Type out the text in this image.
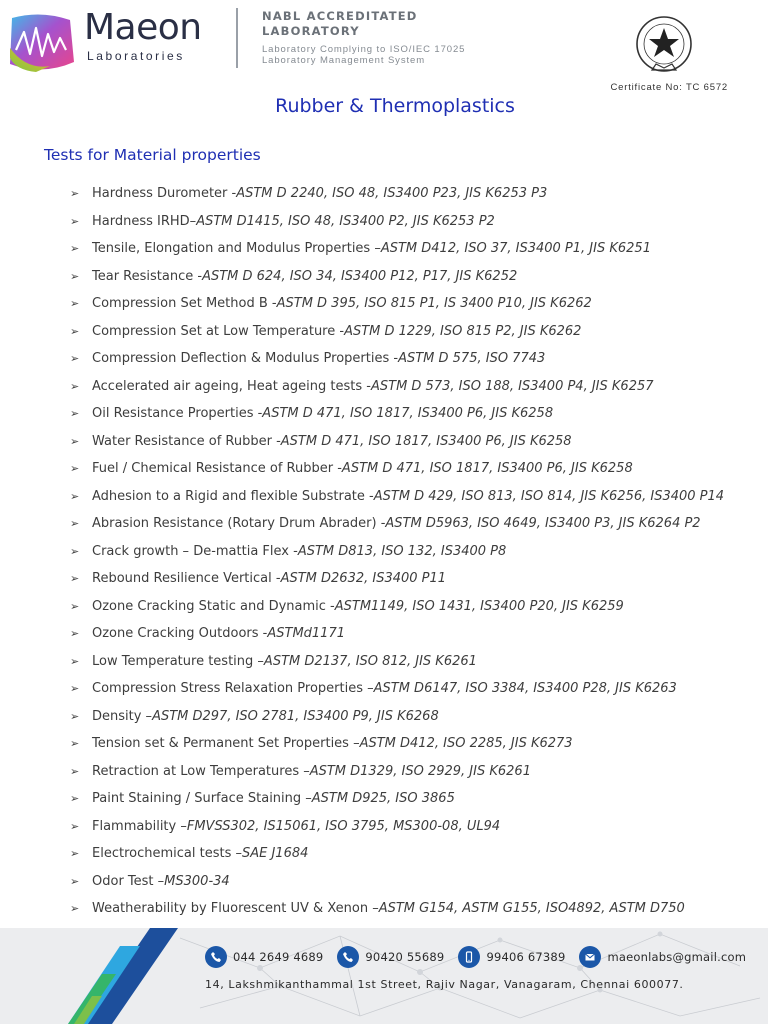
Maeon
Laboratories
NABL ACCREDITATED LABORATORY
Laboratory Complying to ISO/IEC 17025 Laboratory Management System
Certificate No: TC 6572
Rubber & Thermoplastics
Tests for Material properties
➢ Hardness Durometer - ASTM D 2240, ISO 48, IS3400 P23, JIS K6253 P3
➢ Hardness IRHD– ASTM D1415, ISO 48, IS3400 P2, JIS K6253 P2
➢ Tensile, Elongation and Modulus Properties – ASTM D412, ISO 37, IS3400 P1, JIS K6251
➢ Tear Resistance - ASTM D 624, ISO 34, IS3400 P12, P17, JIS K6252
➢ Compression Set Method B - ASTM D 395, ISO 815 P1, IS 3400 P10, JIS K6262
➢ Compression Set at Low Temperature - ASTM D 1229, ISO 815 P2, JIS K6262
➢ Compression Deflection & Modulus Properties - ASTM D 575, ISO 7743
➢ Accelerated air ageing, Heat ageing tests - ASTM D 573, ISO 188, IS3400 P4, JIS K6257
➢ Oil Resistance Properties - ASTM D 471, ISO 1817, IS3400 P6, JIS K6258
➢ Water Resistance of Rubber - ASTM D 471, ISO 1817, IS3400 P6, JIS K6258
➢ Fuel / Chemical Resistance of Rubber - ASTM D 471, ISO 1817, IS3400 P6, JIS K6258
➢ Adhesion to a Rigid and flexible Substrate - ASTM D 429, ISO 813, ISO 814, JIS K6256, IS3400 P14
➢ Abrasion Resistance (Rotary Drum Abrader) - ASTM D5963, ISO 4649, IS3400 P3, JIS K6264 P2
➢ Crack growth – De-mattia Flex - ASTM D813, ISO 132, IS3400 P8
➢ Rebound Resilience Vertical - ASTM D2632, IS3400 P11
➢ Ozone Cracking Static and Dynamic - ASTM1149, ISO 1431, IS3400 P20, JIS K6259
➢ Ozone Cracking Outdoors - ASTMd1171
➢ Low Temperature testing – ASTM D2137, ISO 812, JIS K6261
➢ Compression Stress Relaxation Properties – ASTM D6147, ISO 3384, IS3400 P28, JIS K6263
➢ Density – ASTM D297, ISO 2781, IS3400 P9, JIS K6268
➢ Tension set & Permanent Set Properties – ASTM D412, ISO 2285, JIS K6273
➢ Retraction at Low Temperatures – ASTM D1329, ISO 2929, JIS K6261
➢ Paint Staining / Surface Staining – ASTM D925, ISO 3865
➢ Flammability – FMVSS302, IS15061, ISO 3795, MS300-08, UL94
➢ Electrochemical tests – SAE J1684
➢ Odor Test – MS300-34
➢ Weatherability by Fluorescent UV & Xenon – ASTM G154, ASTM G155, ISO4892, ASTM D750
044 2649 4689	90420 55689	99406 67389	maeonlabs@gmail.com
14, Lakshmikanthammal 1st Street, Rajiv Nagar, Vanagaram, Chennai 600077.
